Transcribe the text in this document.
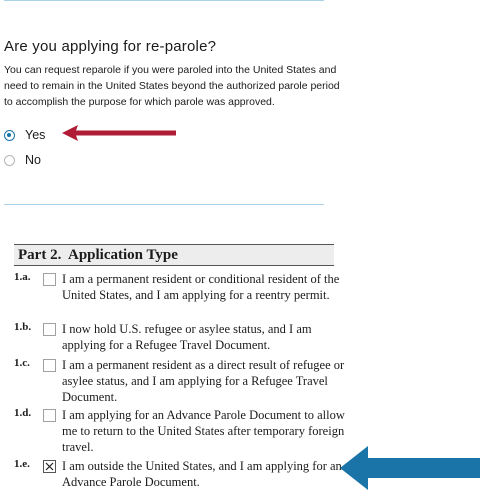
Are you applying for re-parole?

You can request reparole if you were paroled into the United States and need to remain in the United States beyond the authorized parole period to accomplish the purpose for which parole was approved.

Yes
No
Part 2.  Application Type
1.a.	I am a permanent resident or conditional resident of the United States, and I am applying for a reentry permit.
1.b. I now hold U.S. refugee or asylee status, and I am applying for a Refugee Travel Document.
1.c.	I am a permanent resident as a direct result of refugee or asylee status, and I am applying for a Refugee Travel Document.
1.d. I am applying for an Advance Parole Document to allow me to return to the United States after temporary foreign travel.
1.e.	I am outside the United States, and I am applying for an Advance Parole Document.
